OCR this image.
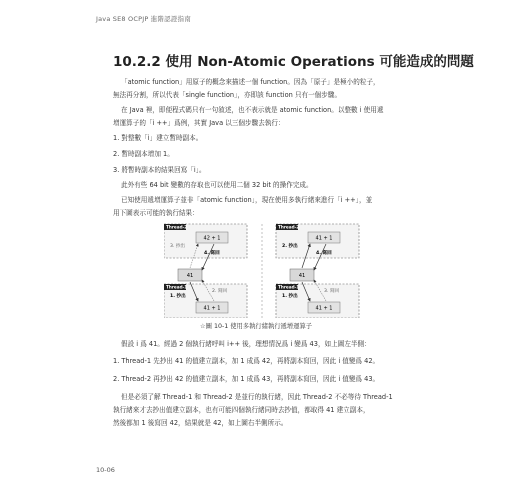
Java SE8 OCPJP 進階認證指南
10.2.2 使用 Non-Atomic Operations 可能造成的問題
「atomic function」用原子的概念來描述一個 function。因為「原子」是極小的粒子，
無法再分割，所以代表「single function」，亦即該 function 只有一個步驟。
在 Java 裡，即便程式碼只有一句敘述，也不表示就是 atomic function。以整數 i 使用遞
增運算子的「i ++」爲例，其實 Java 以三個步驟去執行：
1. 對整數「i」建立暫時副本。
2. 暫時副本增加 1。
3. 將暫時副本的結果回寫「i」。
此外有些 64 bit 變數的存取也可以使用二個 32 bit 的操作完成。
已知使用遞增運算子並非「atomic function」，現在使用多執行緒來進行「i ++」，並
用下圖表示可能的執行結果：
Thread-2
42 + 1
3. 抄出
4. 寫回
41
Thread-1
1. 抄出
2. 寫回
41 + 1
Thread-2
41 + 1
2. 抄出
4. 寫回
41
Thread-1
1. 抄出
3. 寫回
41 + 1
☆圖 10-1 使用多執行緒執行遞增運算子
假設 i 爲 41。經過 2 個執行緒呼叫 i++ 後，理想情況爲 i 變爲 43，如上圖左半側：
1. Thread-1 先抄出 41 的值建立副本，加 1 成爲 42，再將副本寫回，因此 i 值變爲 42。
2. Thread-2 再抄出 42 的值建立副本，加 1 成爲 43，再將副本寫回，因此 i 值變爲 43。
但是必須了解 Thread-1 和 Thread-2 是並行的執行緒，因此 Thread-2 不必等待 Thread-1
執行緒來才去抄出值建立副本，也有可能四個執行緒同時去抄值，都取得 41 建立副本，
然後都加 1 後寫回 42，結果就是 42，如上圖右半側所示。
10-06
